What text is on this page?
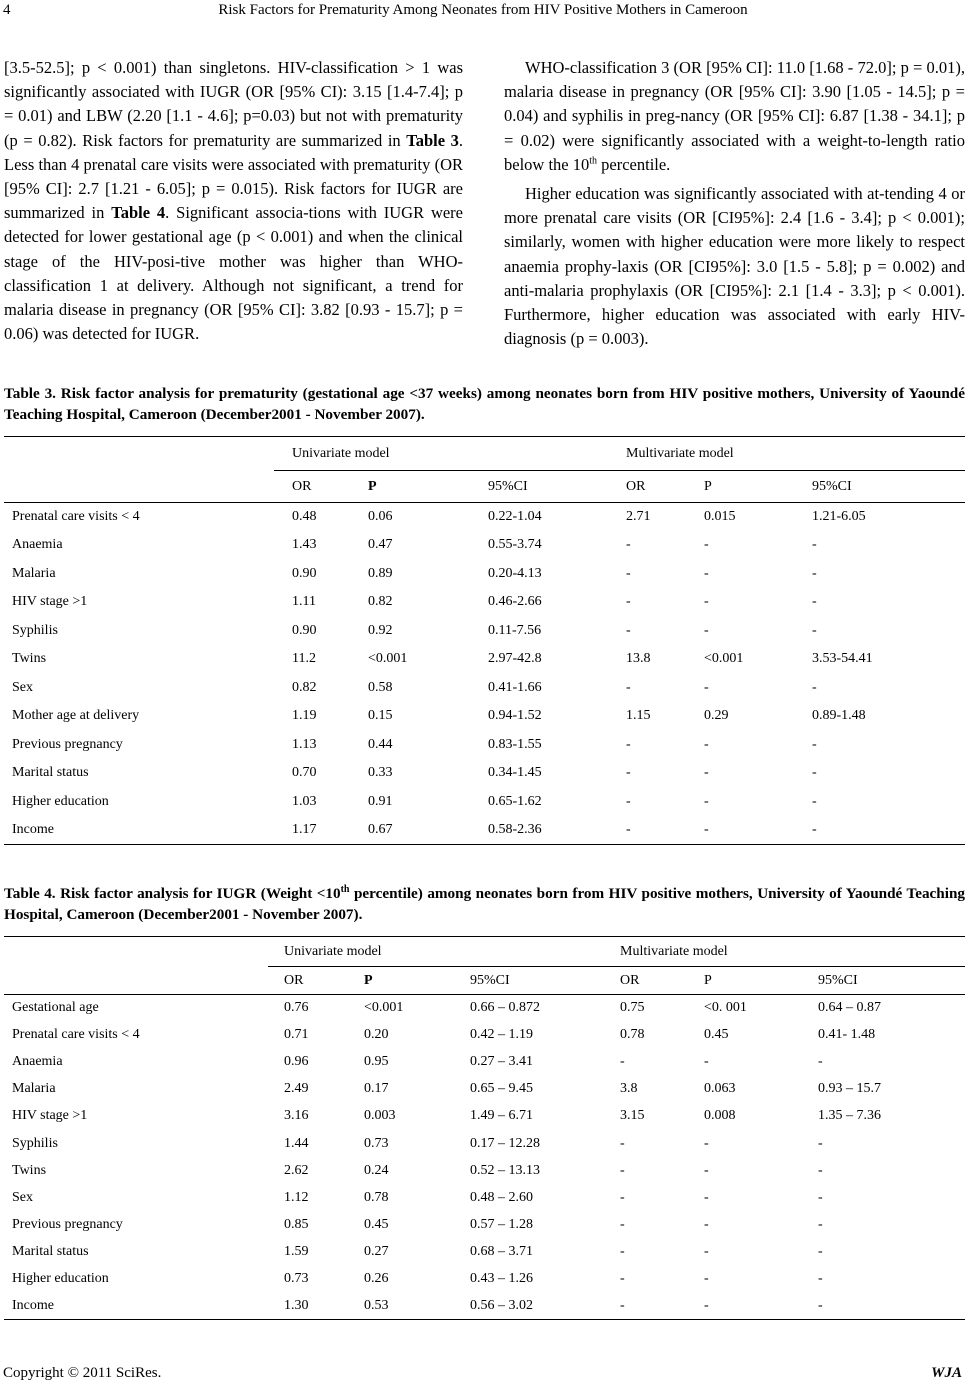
4	Risk Factors for Prematurity Among Neonates from HIV Positive Mothers in Cameroon

[3.5-52.5]; p < 0.001) than singletons. HIV-classification > 1 was significantly associated with IUGR (OR [95% CI): 3.15 [1.4-7.4]; p = 0.01) and LBW (2.20 [1.1 - 4.6]; p=0.03) but not with prematurity (p = 0.82). Risk factors for prematurity are summarized in Table 3. Less than 4 prenatal care visits were associated with prematurity (OR [95% CI]: 2.7 [1.21 - 6.05]; p = 0.015). Risk factors for IUGR are summarized in Table 4. Significant associa-tions with IUGR were detected for lower gestational age (p < 0.001) and when the clinical stage of the HIV-posi-tive mother was higher than WHO-classification 1 at delivery. Although not significant, a trend for malaria disease in pregnancy (OR [95% CI]: 3.82 [0.93 - 15.7]; p = 0.06) was detected for IUGR.

WHO-classification 3 (OR [95% CI]: 11.0 [1.68 - 72.0]; p = 0.01), malaria disease in pregnancy (OR [95% CI]: 3.90 [1.05 - 14.5]; p = 0.04) and syphilis in preg-nancy (OR [95% CI]: 6.87 [1.38 - 34.1]; p = 0.02) were significantly associated with a weight-to-length ratio below the 10th percentile.

Higher education was significantly associated with at-tending 4 or more prenatal care visits (OR [CI95%]: 2.4 [1.6 - 3.4]; p < 0.001); similarly, women with higher education were more likely to respect anaemia prophy-laxis (OR [CI95%]: 3.0 [1.5 - 5.8]; p = 0.002) and anti-malaria prophylaxis (OR [CI95%]: 2.1 [1.4 - 3.3]; p < 0.001). Furthermore, higher education was associated with early HIV-diagnosis (p = 0.003).

Table 3. Risk factor analysis for prematurity (gestational age <37 weeks) among neonates born from HIV positive mothers, University of Yaoundé Teaching Hospital, Cameroon (December2001 - November 2007).
	Univariate model			Multivariate model		
	OR	P	95%CI	OR	P	95%CI
Prenatal care visits < 4	0.48	0.06	0.22-1.04	2.71	0.015	1.21-6.05
Anaemia	1.43	0.47	0.55-3.74	-	-	-
Malaria	0.90	0.89	0.20-4.13	-	-	-
HIV stage >1	1.11	0.82	0.46-2.66	-	-	-
Syphilis	0.90	0.92	0.11-7.56	-	-	-
Twins	11.2	<0.001	2.97-42.8	13.8	<0.001	3.53-54.41
Sex	0.82	0.58	0.41-1.66	-	-	-
Mother age at delivery	1.19	0.15	0.94-1.52	1.15	0.29	0.89-1.48
Previous pregnancy	1.13	0.44	0.83-1.55	-	-	-
Marital status	0.70	0.33	0.34-1.45	-	-	-
Higher education	1.03	0.91	0.65-1.62	-	-	-
Income	1.17	0.67	0.58-2.36	-	-	-
Table 4. Risk factor analysis for IUGR (Weight <10th percentile) among neonates born from HIV positive mothers, University of Yaoundé Teaching Hospital, Cameroon (December2001 - November 2007).
	Univariate model			Multivariate model		
	OR	P	95%CI	OR	P	95%CI
Gestational age	0.76	<0.001	0.66 – 0.872	0.75	<0. 001	0.64 – 0.87
Prenatal care visits < 4	0.71	0.20	0.42 – 1.19	0.78	0.45	0.41- 1.48
Anaemia	0.96	0.95	0.27 – 3.41	-	-	-
Malaria	2.49	0.17	0.65 – 9.45	3.8	0.063	0.93 – 15.7
HIV stage >1	3.16	0.003	1.49 – 6.71	3.15	0.008	1.35 – 7.36
Syphilis	1.44	0.73	0.17 – 12.28	-	-	-
Twins	2.62	0.24	0.52 – 13.13	-	-	-
Sex	1.12	0.78	0.48 – 2.60	-	-	-
Previous pregnancy	0.85	0.45	0.57 – 1.28	-	-	-
Marital status	1.59	0.27	0.68 – 3.71	-	-	-
Higher education	0.73	0.26	0.43 – 1.26	-	-	-
Income	1.30	0.53	0.56 – 3.02	-	-	-
Copyright © 2011 SciRes.	WJA
